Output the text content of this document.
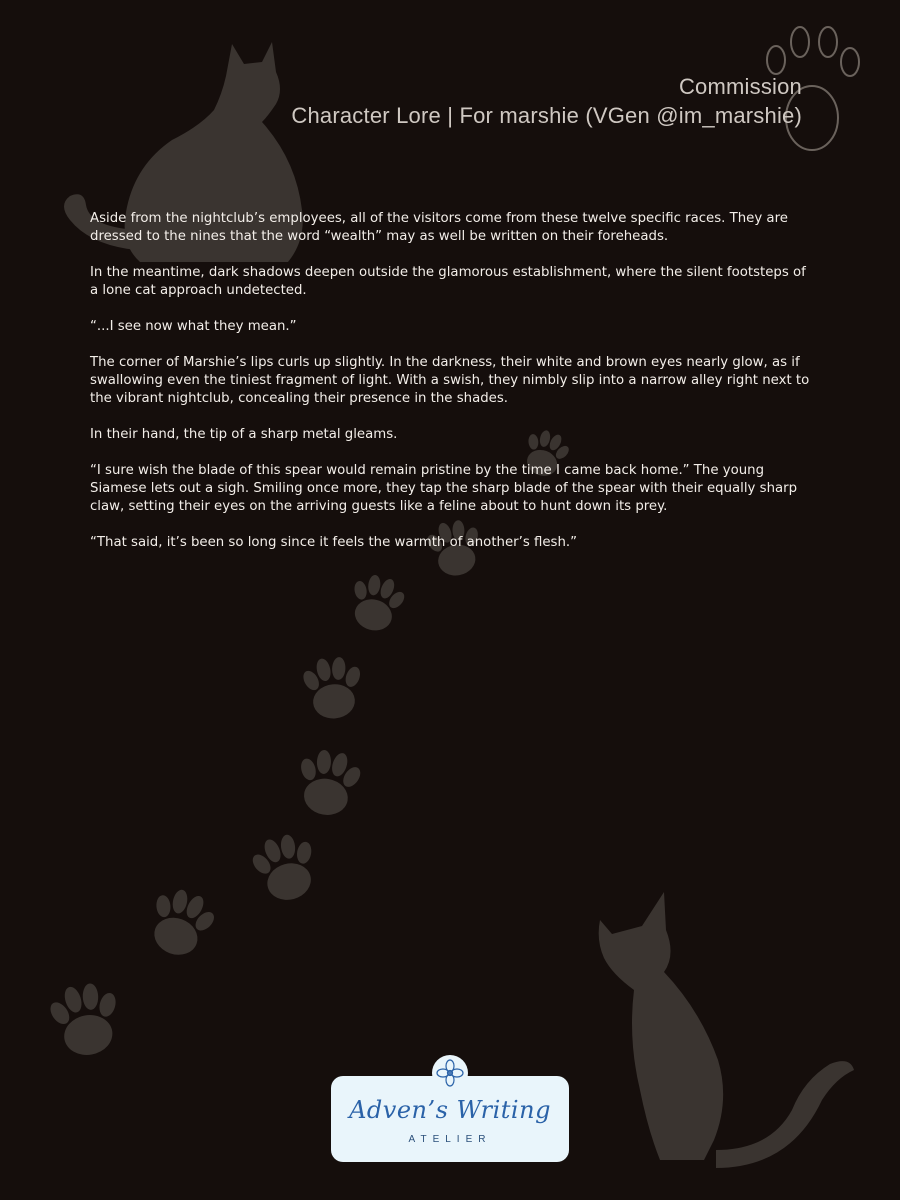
Commission
Character Lore | For marshie (VGen @im_marshie)

Aside from the nightclub’s employees, all of the visitors come from these twelve specific races. They are dressed to the nines that the word “wealth” may as well be written on their foreheads.

In the meantime, dark shadows deepen outside the glamorous establishment, where the silent footsteps of a lone cat approach undetected.

“...I see now what they mean.”

The corner of Marshie’s lips curls up slightly. In the darkness, their white and brown eyes nearly glow, as if swallowing even the tiniest fragment of light. With a swish, they nimbly slip into a narrow alley right next to the vibrant nightclub, concealing their presence in the shades.

In their hand, the tip of a sharp metal gleams.

“I sure wish the blade of this spear would remain pristine by the time I came back home.” The young Siamese lets out a sigh. Smiling once more, they tap the sharp blade of the spear with their equally sharp claw, setting their eyes on the arriving guests like a feline about to hunt down its prey.

“That said, it’s been so long since it feels the warmth of another’s flesh.”

Adven’s Writing
ATELIER
